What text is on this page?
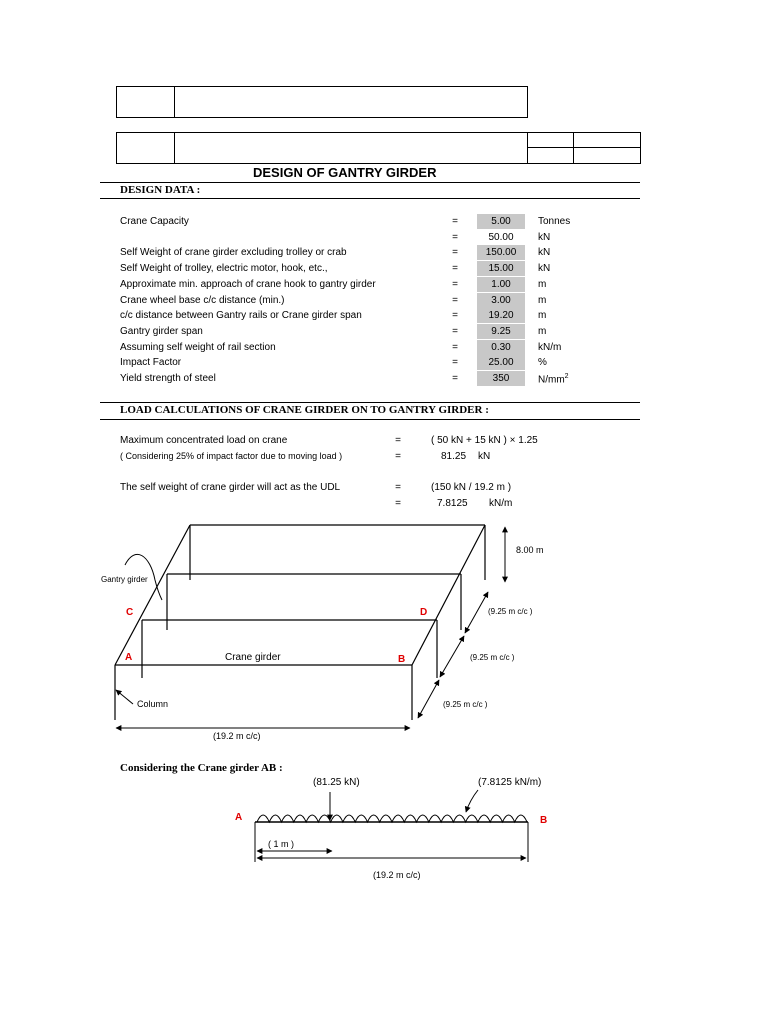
DESIGN OF GANTRY GIRDER
DESIGN DATA :
Crane Capacity	=	5.00	Tonnes
=	50.00	kN
Self Weight of crane girder excluding trolley or crab	=	150.00	kN
Self Weight of trolley, electric motor, hook, etc.,	=	15.00	kN
Approximate min. approach of crane hook to gantry girder	=	1.00	m
Crane wheel base c/c distance (min.)	=	3.00	m
c/c distance between Gantry rails or Crane girder span	=	19.20	m
Gantry girder span	=	9.25	m
Assuming self weight of rail section	=	0.30	kN/m
Impact Factor	=	25.00	%
Yield strength of steel	=	350	$N/mm^2$
LOAD CALCULATIONS OF CRANE GIRDER ON TO GANTRY GIRDER :
Maximum concentrated load on crane	=	( 50 kN + 15 kN ) × 1.25
( Considering 25% of impact factor due to moving load )	=	81.25 kN
The self weight of crane girder will act as the UDL	=	(150 kN / 19.2 m )
=	7.8125 kN/m
8.00 m
Gantry girder
C	D
A	B
Crane girder
Column
(9.25 m c/c )
(9.25 m c/c )
(9.25 m c/c )
(19.2 m c/c)
Considering the Crane girder AB :
(81.25 kN)	(7.8125 kN/m)
A	B
( 1 m )
(19.2 m c/c)
